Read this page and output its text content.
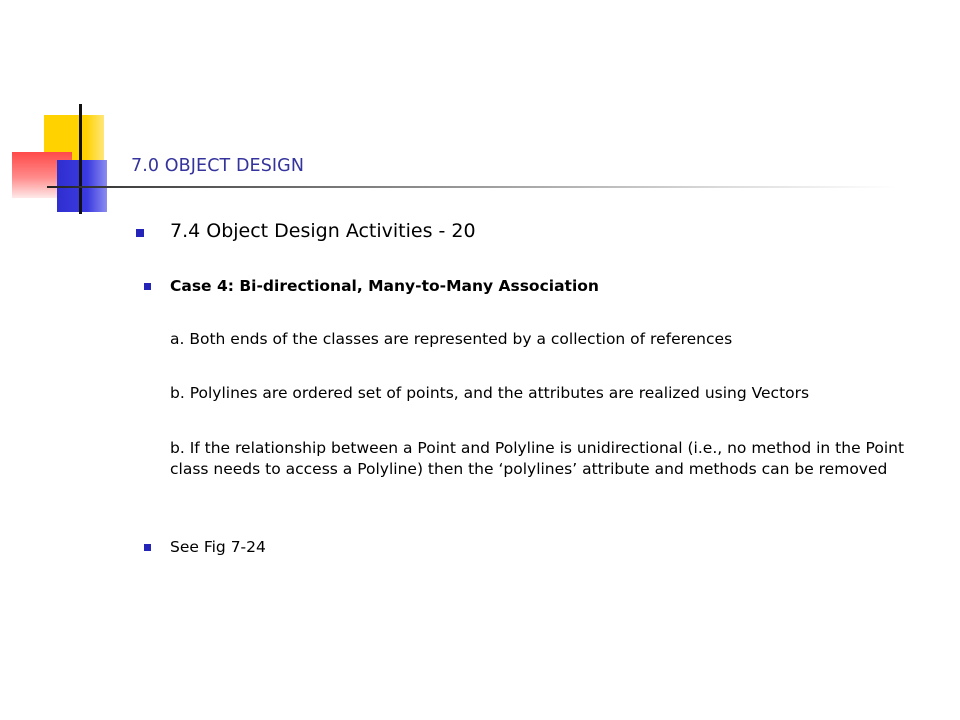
7.0 OBJECT DESIGN
7.4 Object Design Activities - 20
Case 4: Bi-directional, Many-to-Many Association
a. Both ends of the classes are represented by a collection of references
b. Polylines are ordered set of points, and the attributes are realized using Vectors
b. If the relationship between a Point and Polyline is unidirectional (i.e., no method in the Point class needs to access a Polyline) then the ‘polylines’ attribute and methods can be removed
See Fig 7-24
